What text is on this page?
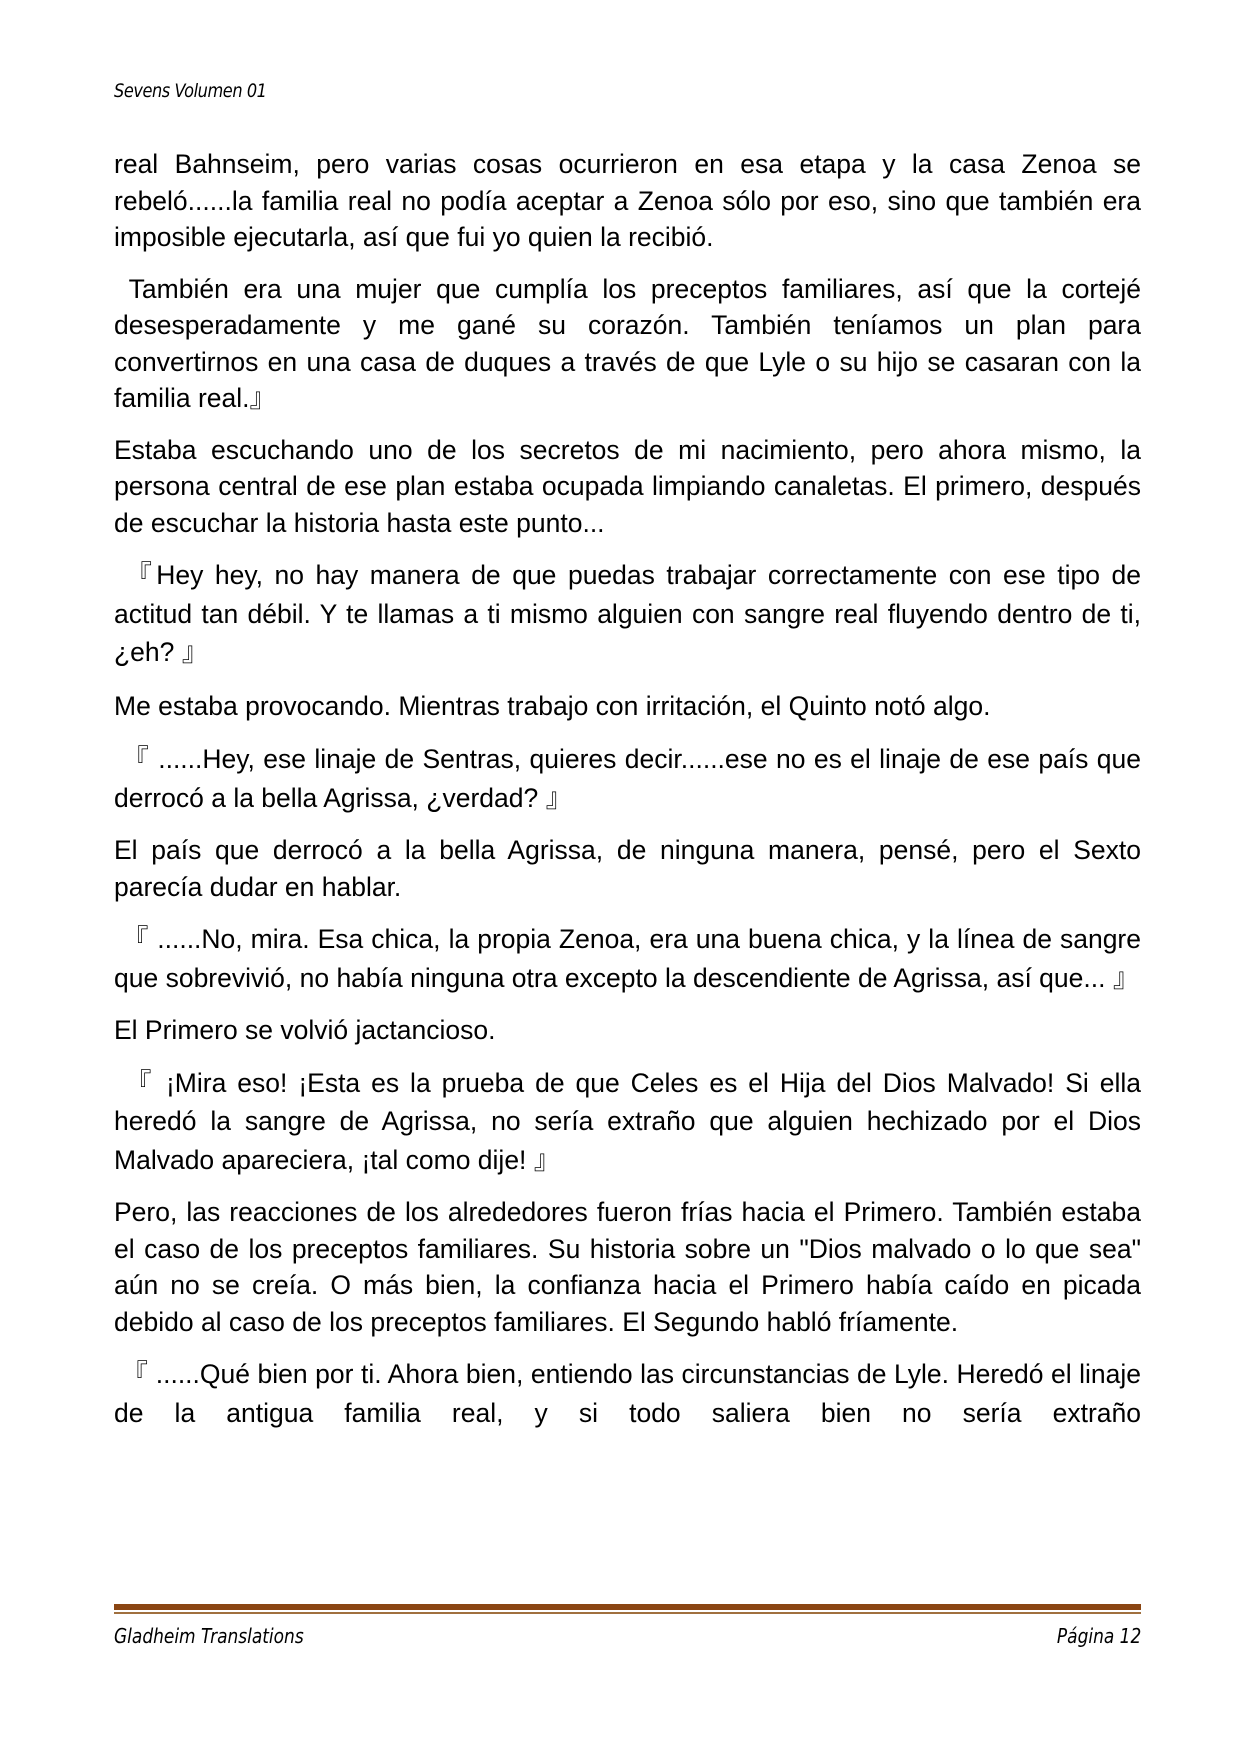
Sevens Volumen 01

real Bahnseim, pero varias cosas ocurrieron en esa etapa y la casa Zenoa se rebeló......la familia real no podía aceptar a Zenoa sólo por eso, sino que también era imposible ejecutarla, así que fui yo quien la recibió.

También era una mujer que cumplía los preceptos familiares, así que la cortejé desesperadamente y me gané su corazón. También teníamos un plan para convertirnos en una casa de duques a través de que Lyle o su hijo se casaran con la familia real.』

Estaba escuchando uno de los secretos de mi nacimiento, pero ahora mismo, la persona central de ese plan estaba ocupada limpiando canaletas. El primero, después de escuchar la historia hasta este punto...

『Hey hey, no hay manera de que puedas trabajar correctamente con ese tipo de actitud tan débil. Y te llamas a ti mismo alguien con sangre real fluyendo dentro de ti, ¿eh? 』

Me estaba provocando. Mientras trabajo con irritación, el Quinto notó algo.

『 ......Hey, ese linaje de Sentras, quieres decir......ese no es el linaje de ese país que derrocó a la bella Agrissa, ¿verdad? 』

El país que derrocó a la bella Agrissa, de ninguna manera, pensé, pero el Sexto parecía dudar en hablar.

『 ......No, mira. Esa chica, la propia Zenoa, era una buena chica, y la línea de sangre que sobrevivió, no había ninguna otra excepto la descendiente de Agrissa, así que... 』

El Primero se volvió jactancioso.

『 ¡Mira eso! ¡Esta es la prueba de que Celes es el Hija del Dios Malvado! Si ella heredó la sangre de Agrissa, no sería extraño que alguien hechizado por el Dios Malvado apareciera, ¡tal como dije! 』

Pero, las reacciones de los alrededores fueron frías hacia el Primero. También estaba el caso de los preceptos familiares. Su historia sobre un "Dios malvado o lo que sea" aún no se creía. O más bien, la confianza hacia el Primero había caído en picada debido al caso de los preceptos familiares. El Segundo habló fríamente.

『 ......Qué bien por ti. Ahora bien, entiendo las circunstancias de Lyle. Heredó el linaje de la antigua familia real, y si todo saliera bien no sería extraño

Gladheim Translations	Página 12
